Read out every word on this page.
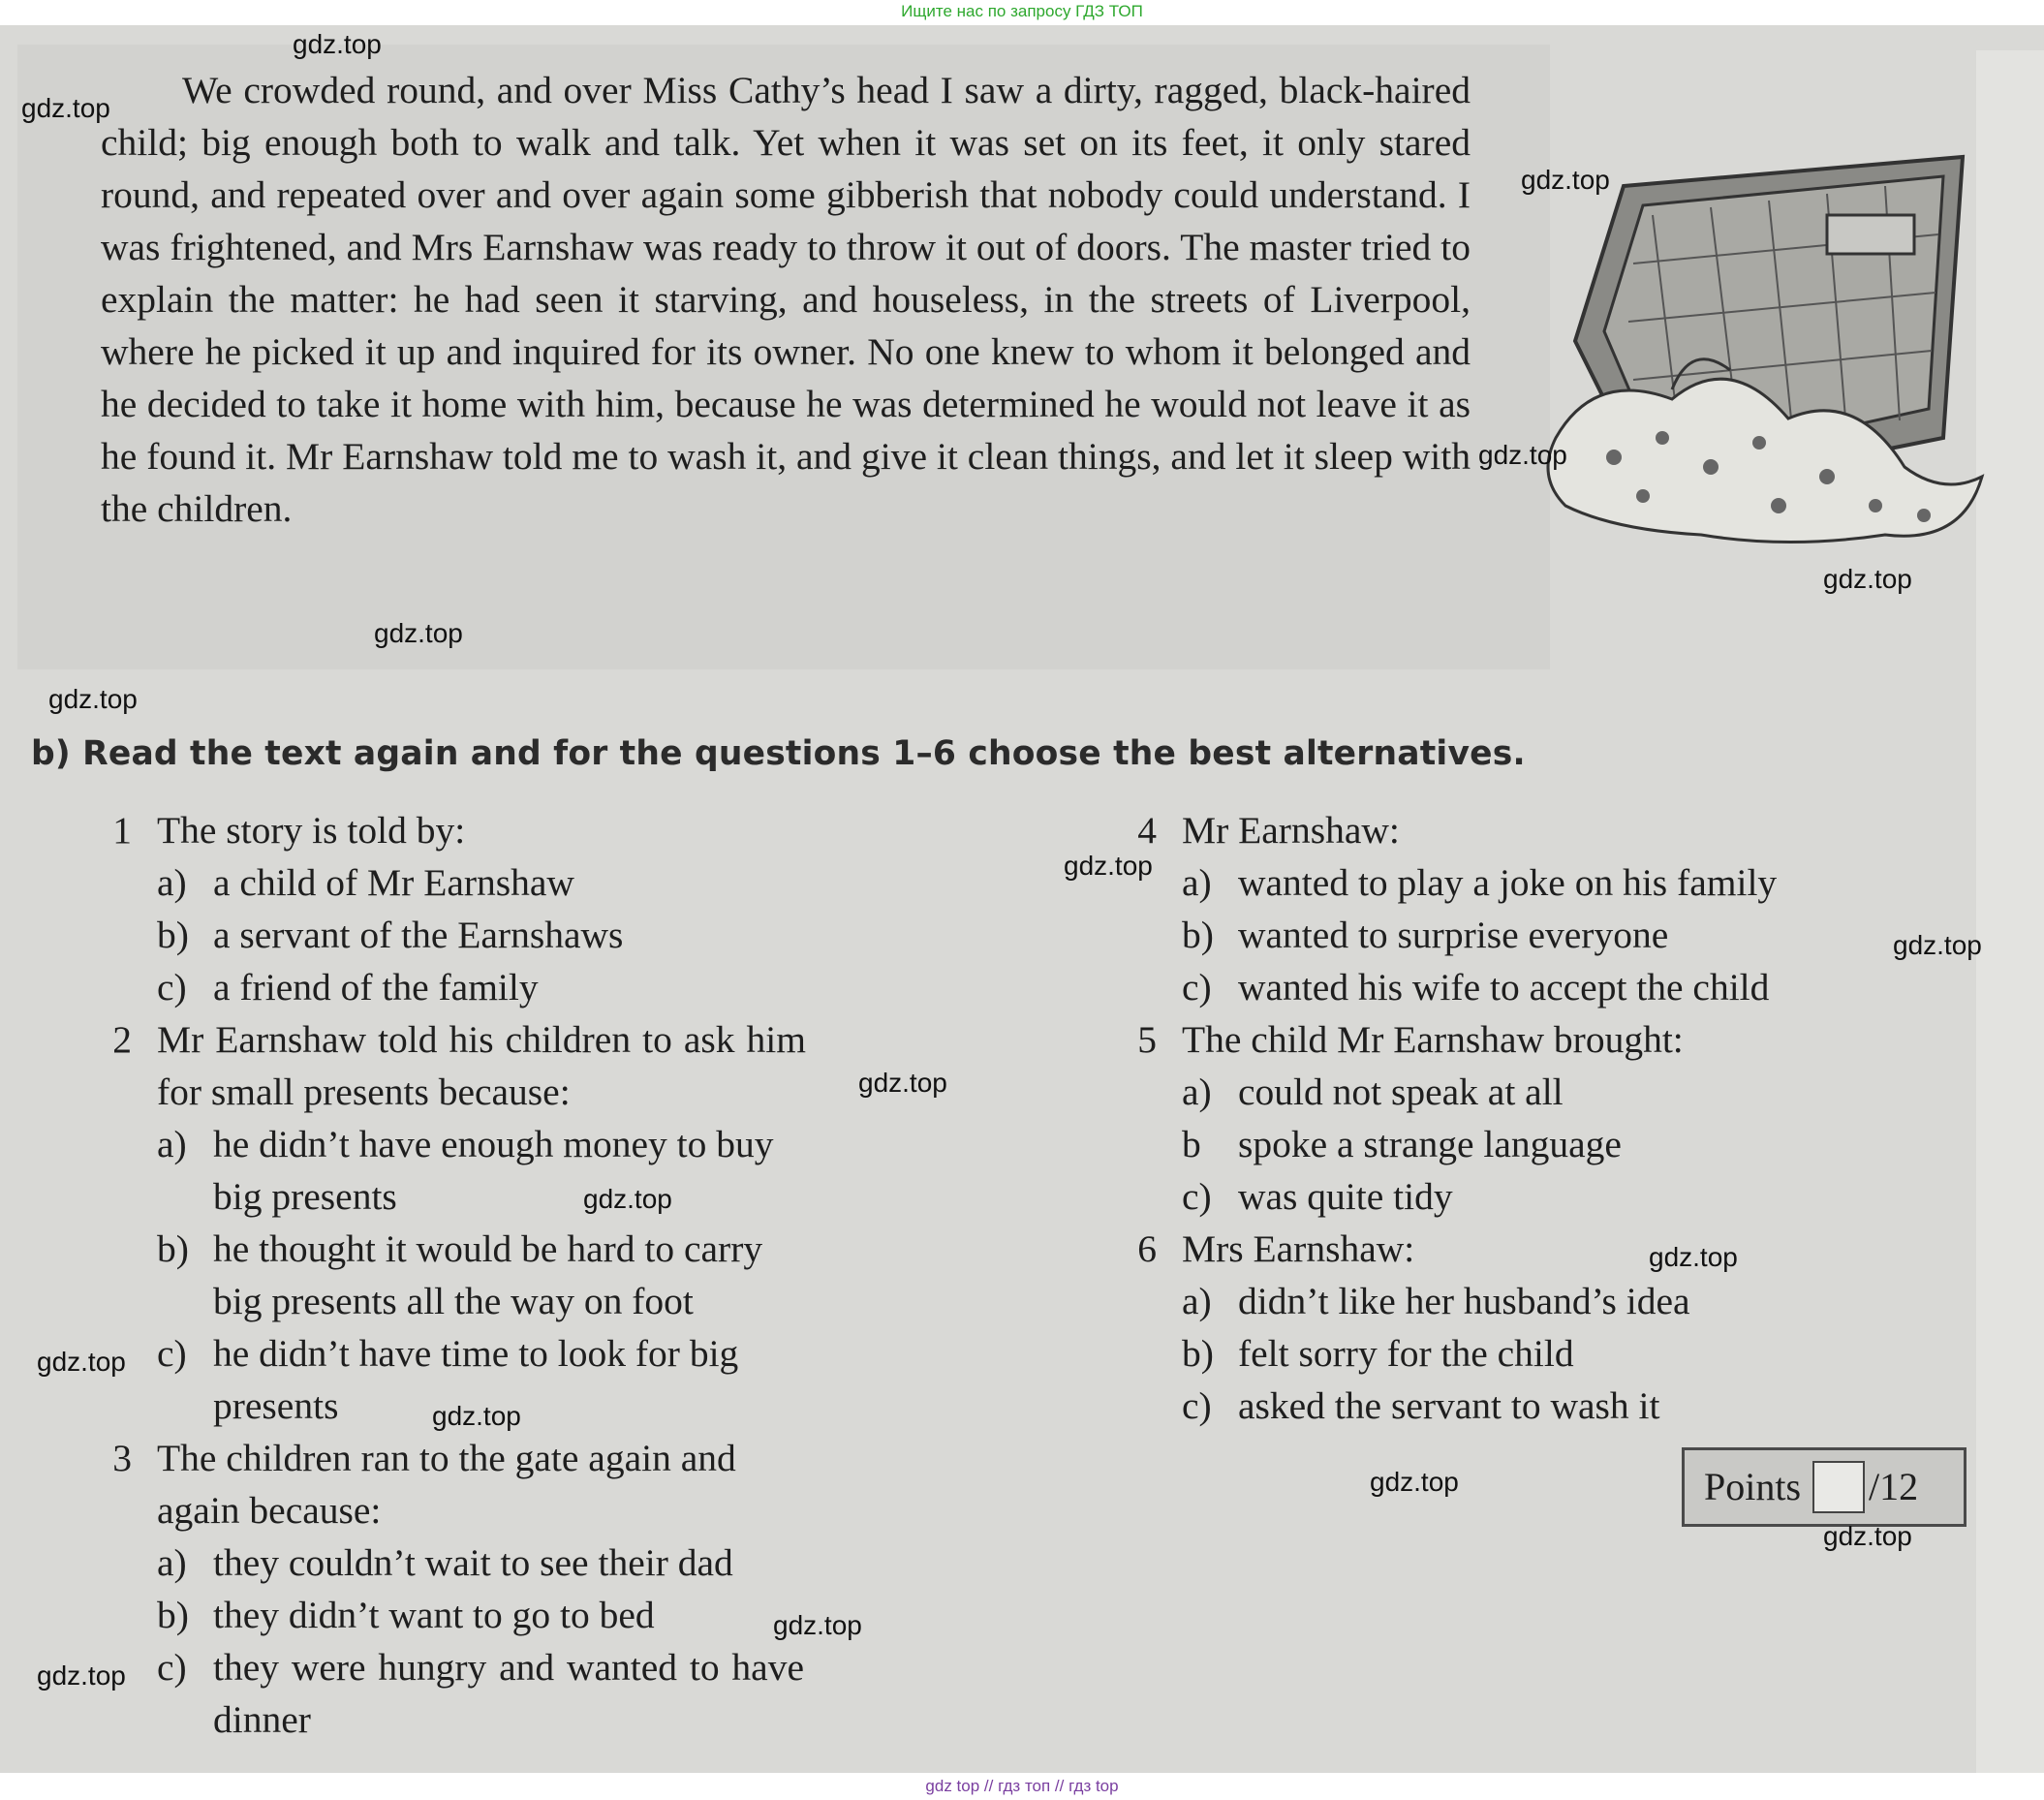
Ищите нас по запросу ГДЗ ТОП
We crowded round, and over Miss Cathy’s head I saw a dirty, ragged, black-haired child; big enough both to walk and talk. Yet when it was set on its feet, it only stared round, and repeated over and over again some gibberish that nobody could understand. I was frightened, and Mrs Earnshaw was ready to throw it out of doors. The master tried to explain the matter: he had seen it starving, and houseless, in the streets of Liverpool, where he picked it up and inquired for its owner. No one knew to whom it belonged and he decided to take it home with him, because he was determined he would not leave it as he found it. Mr Earnshaw told me to wash it, and give it clean things, and let it sleep with the children.
b) Read the text again and for the questions 1–6 choose the best alternatives.
1 The story is told by:
a) a child of Mr Earnshaw
b) a servant of the Earnshaws
c) a friend of the family
2 Mr Earnshaw told his children to ask him for small presents because:
a) he didn’t have enough money to buy big presents
b) he thought it would be hard to carry big presents all the way on foot
c) he didn’t have time to look for big presents
3 The children ran to the gate again and again because:
a) they couldn’t wait to see their dad
b) they didn’t want to go to bed
c) they were hungry and wanted to have dinner
4 Mr Earnshaw:
a) wanted to play a joke on his family
b) wanted to surprise everyone
c) wanted his wife to accept the child
5 The child Mr Earnshaw brought:
a) could not speak at all
b spoke a strange language
c) was quite tidy
6 Mrs Earnshaw:
a) didn’t like her husband’s idea
b) felt sorry for the child
c) asked the servant to wash it
Points /12
gdz.top
gdz.top
gdz.top
gdz.top
gdz.top
gdz.top
gdz.top
gdz.top
gdz.top
gdz.top
gdz.top
gdz.top
gdz.top
gdz.top
gdz.top
gdz.top
gdz.top
gdz.top
gdz top // гдз топ // гдз top
